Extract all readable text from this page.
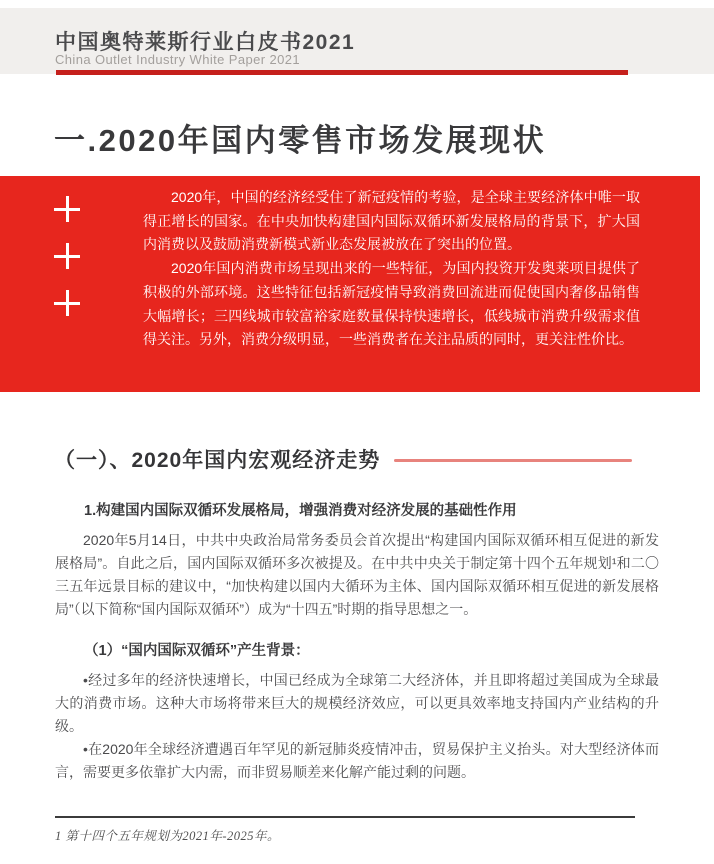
中国奥特莱斯行业白皮书2021
China Outlet Industry White Paper 2021
一.2020年国内零售市场发展现状

2020年，中国的经济经受住了新冠疫情的考验，是全球主要经济体中唯一取得正增长的国家。在中央加快构建国内国际双循环新发展格局的背景下，扩大国内消费以及鼓励消费新模式新业态发展被放在了突出的位置。

2020年国内消费市场呈现出来的一些特征，为国内投资开发奥莱项目提供了积极的外部环境。这些特征包括新冠疫情导致消费回流进而促使国内奢侈品销售大幅增长；三四线城市较富裕家庭数量保持快速增长，低线城市消费升级需求值得关注。另外，消费分级明显，一些消费者在关注品质的同时，更关注性价比。

（一）、2020年国内宏观经济走势
1.构建国内国际双循环发展格局，增强消费对经济发展的基础性作用

2020年5月14日，中共中央政治局常务委员会首次提出“构建国内国际双循环相互促进的新发展格局”。自此之后，国内国际双循环多次被提及。在中共中央关于制定第十四个五年规划¹和二〇三五年远景目标的建议中，“加快构建以国内大循环为主体、国内国际双循环相互促进的新发展格局”（以下简称“国内国际双循环”）成为“十四五”时期的指导思想之一。

（1）“国内国际双循环”产生背景：

•经过多年的经济快速增长，中国已经成为全球第二大经济体，并且即将超过美国成为全球最大的消费市场。这种大市场将带来巨大的规模经济效应，可以更具效率地支持国内产业结构的升级。

•在2020年全球经济遭遇百年罕见的新冠肺炎疫情冲击，贸易保护主义抬头。对大型经济体而言，需要更多依靠扩大内需，而非贸易顺差来化解产能过剩的问题。

1 第十四个五年规划为2021年-2025年。
